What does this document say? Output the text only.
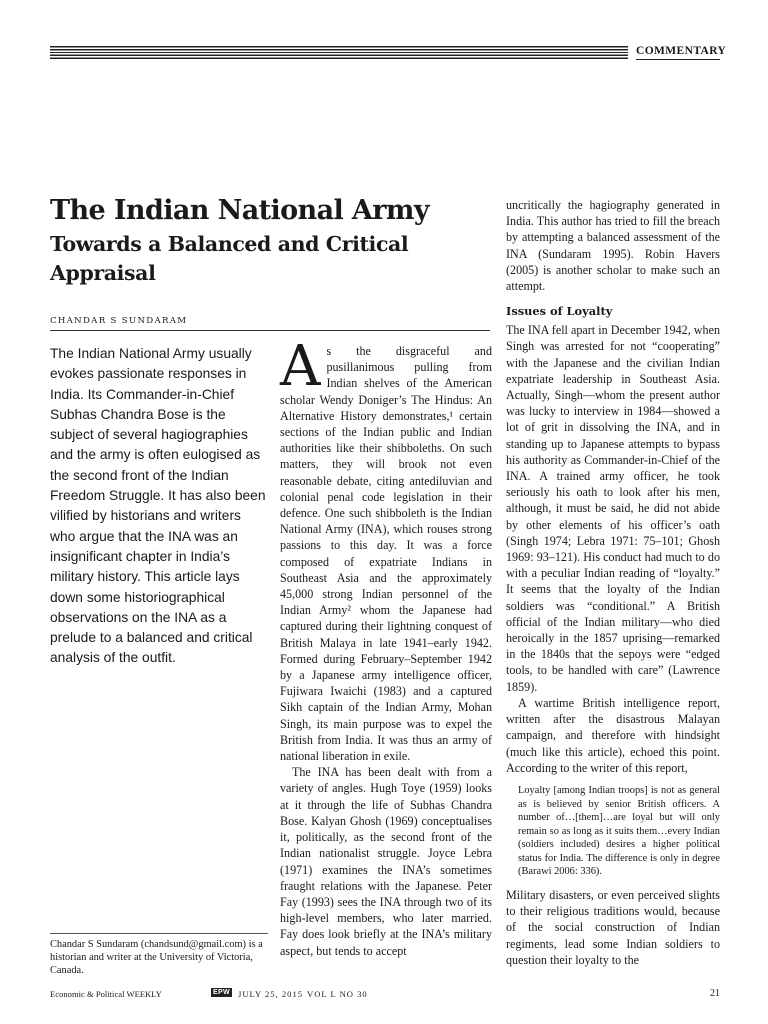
COMMENTARY
The Indian National Army
Towards a Balanced and Critical Appraisal
CHANDAR S SUNDARAM
The Indian National Army usually evokes passionate responses in India. Its Commander-in-Chief Subhas Chandra Bose is the subject of several hagiographies and the army is often eulogised as the second front of the Indian Freedom Struggle. It has also been vilified by historians and writers who argue that the INA was an insignificant chapter in India’s military history. This article lays down some historiographical observations on the INA as a prelude to a balanced and critical analysis of the outfit.

As the disgraceful and pusillanimous pulling from Indian shelves of the American scholar Wendy Doniger’s The Hindus: An Alternative History demonstrates,¹ certain sections of the Indian public and Indian authorities like their shibboleths. On such matters, they will brook not even reasonable debate, citing antediluvian and colonial penal code legislation in their defence. One such shibboleth is the Indian National Army (INA), which rouses strong passions to this day. It was a force composed of expatriate Indians in Southeast Asia and the approximately 45,000 strong Indian personnel of the Indian Army² whom the Japanese had captured during their lightning conquest of British Malaya in late 1941–early 1942. Formed during February–September 1942 by a Japanese army intelligence officer, Fujiwara Iwaichi (1983) and a captured Sikh captain of the Indian Army, Mohan Singh, its main purpose was to expel the British from India. It was thus an army of national liberation in exile.

The INA has been dealt with from a variety of angles. Hugh Toye (1959) looks at it through the life of Subhas Chandra Bose. Kalyan Ghosh (1969) conceptualises it, politically, as the second front of the Indian nationalist struggle. Joyce Lebra (1971) examines the INA’s sometimes fraught relations with the Japanese. Peter Fay (1993) sees the INA through two of its high-level members, who later married. Fay does look briefly at the INA’s military aspect, but tends to accept

uncritically the hagiography generated in India. This author has tried to fill the breach by attempting a balanced assessment of the INA (Sundaram 1995). Robin Havers (2005) is another scholar to make such an attempt.

Issues of Loyalty

The INA fell apart in December 1942, when Singh was arrested for not “cooperating” with the Japanese and the civilian Indian expatriate leadership in Southeast Asia. Actually, Singh—whom the present author was lucky to interview in 1984—showed a lot of grit in dissolving the INA, and in standing up to Japanese attempts to bypass his authority as Commander-in-Chief of the INA. A trained army officer, he took seriously his oath to look after his men, although, it must be said, he did not abide by other elements of his officer’s oath (Singh 1974; Lebra 1971: 75–101; Ghosh 1969: 93–121). His conduct had much to do with a peculiar Indian reading of “loyalty.” It seems that the loyalty of the Indian soldiers was “conditional.” A British official of the Indian military—who died heroically in the 1857 uprising—remarked in the 1840s that the sepoys were “edged tools, to be handled with care” (Lawrence 1859).

A wartime British intelligence report, written after the disastrous Malayan campaign, and therefore with hindsight (much like this article), echoed this point. According to the writer of this report,

Loyalty [among Indian troops] is not as general as is believed by senior British officers. A number of…[them]…are loyal but will only remain so as long as it suits them…every Indian (soldiers included) desires a higher political status for India. The difference is only in degree (Barawi 2006: 336).

Military disasters, or even perceived slights to their religious traditions would, because of the social construction of Indian regiments, lead some Indian soldiers to question their loyalty to the

Chandar S Sundaram (chandsund@gmail.com) is a historian and writer at the University of Victoria, Canada.
Economic & Political WEEKLY	EPW JULY 25, 2015 VOL L NO 30	21
